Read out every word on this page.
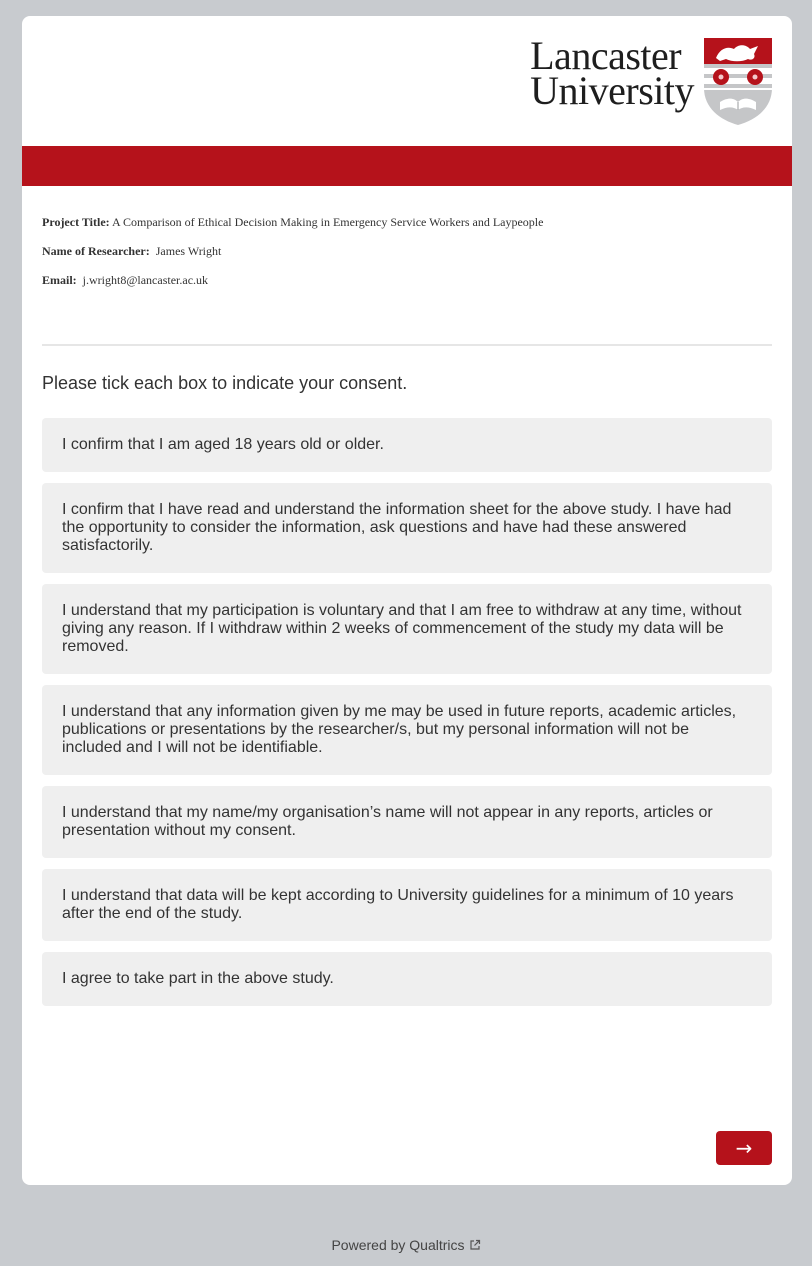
Lancaster
University

Project Title: A Comparison of Ethical Decision Making in Emergency Service Workers and Laypeople

Name of Researcher: James Wright

Email: j.wright8@lancaster.ac.uk

Please tick each box to indicate your consent.
I confirm that I am aged 18 years old or older.
I confirm that I have read and understand the information sheet for the above study. I have had the opportunity to consider the information, ask questions and have had these answered satisfactorily.
I understand that my participation is voluntary and that I am free to withdraw at any time, without giving any reason. If I withdraw within 2 weeks of commencement of the study my data will be removed.
I understand that any information given by me may be used in future reports, academic articles, publications or presentations by the researcher/s, but my personal information will not be included and I will not be identifiable.
I understand that my name/my organisation’s name will not appear in any reports, articles or presentation without my consent.
I understand that data will be kept according to University guidelines for a minimum of 10 years after the end of the study.
I agree to take part in the above study.
→
Powered by Qualtrics
